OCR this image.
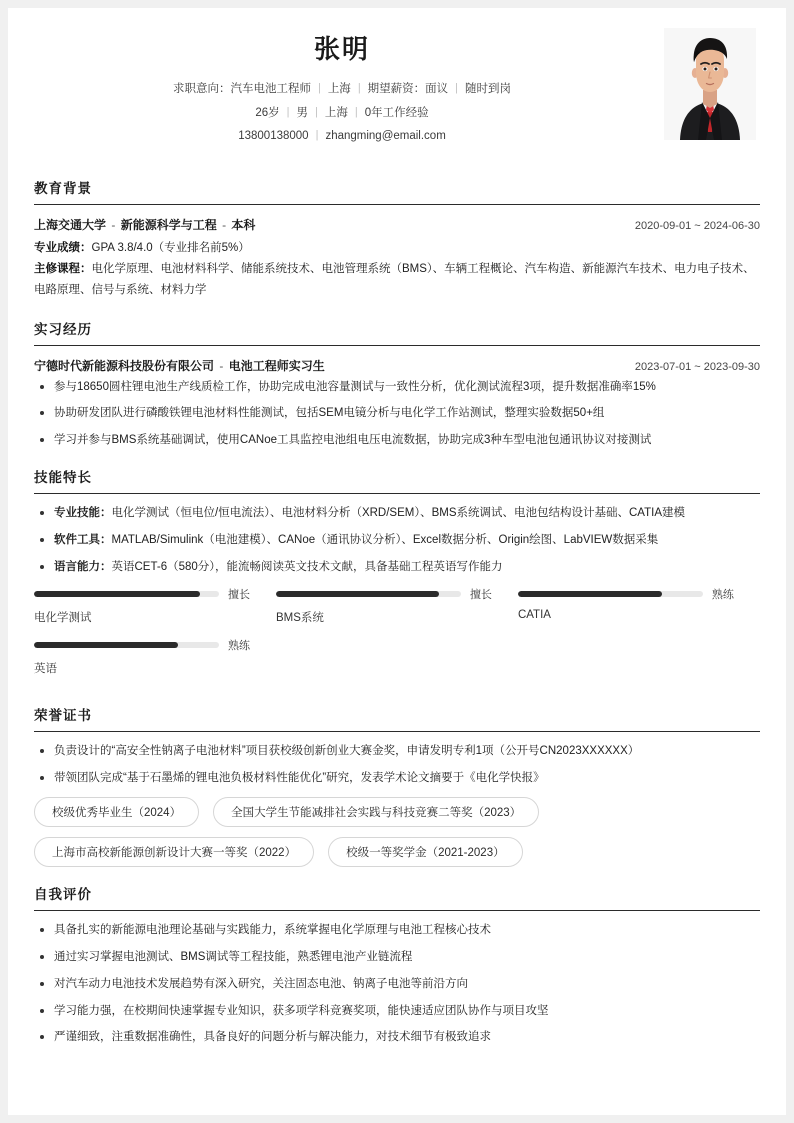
张明
求职意向：汽车电池工程师 | 上海 | 期望薪资：面议 | 随时到岗
26岁 | 男 | 上海 | 0年工作经验
13800138000 | zhangming@email.com
教育背景
上海交通大学 - 新能源科学与工程 - 本科	2020-09-01 ~ 2024-06-30
专业成绩：GPA 3.8/4.0（专业排名前5%）
主修课程：电化学原理、电池材料科学、储能系统技术、电池管理系统（BMS）、车辆工程概论、汽车构造、新能源汽车技术、电力电子技术、电路原理、信号与系统、材料力学
实习经历
宁德时代新能源科技股份有限公司 - 电池工程师实习生	2023-07-01 ~ 2023-09-30
参与18650圆柱锂电池生产线质检工作，协助完成电池容量测试与一致性分析，优化测试流程3项，提升数据准确率15%
协助研发团队进行磷酸铁锂电池材料性能测试，包括SEM电镜分析与电化学工作站测试，整理实验数据50+组
学习并参与BMS系统基础调试，使用CANoe工具监控电池组电压电流数据，协助完成3种车型电池包通讯协议对接测试
技能特长
专业技能：电化学测试（恒电位/恒电流法）、电池材料分析（XRD/SEM）、BMS系统调试、电池包结构设计基础、CATIA建模
软件工具：MATLAB/Simulink（电池建模）、CANoe（通讯协议分析）、Excel数据分析、Origin绘图、LabVIEW数据采集
语言能力：英语CET-6（580分），能流畅阅读英文技术文献，具备基础工程英语写作能力
擅长
电化学测试
擅长
BMS系统
熟练
CATIA
熟练
英语
荣誉证书
负责设计的“高安全性钠离子电池材料”项目获校级创新创业大赛金奖，申请发明专利1项（公开号CN2023XXXXXX）
带领团队完成“基于石墨烯的锂电池负极材料性能优化”研究，发表学术论文摘要于《电化学快报》
校级优秀毕业生（2024）	全国大学生节能减排社会实践与科技竞赛二等奖（2023）
上海市高校新能源创新设计大赛一等奖（2022）	校级一等奖学金（2021-2023）
自我评价
具备扎实的新能源电池理论基础与实践能力，系统掌握电化学原理与电池工程核心技术
通过实习掌握电池测试、BMS调试等工程技能，熟悉锂电池产业链流程
对汽车动力电池技术发展趋势有深入研究，关注固态电池、钠离子电池等前沿方向
学习能力强，在校期间快速掌握专业知识，获多项学科竞赛奖项，能快速适应团队协作与项目攻坚
严谨细致，注重数据准确性，具备良好的问题分析与解决能力，对技术细节有极致追求
